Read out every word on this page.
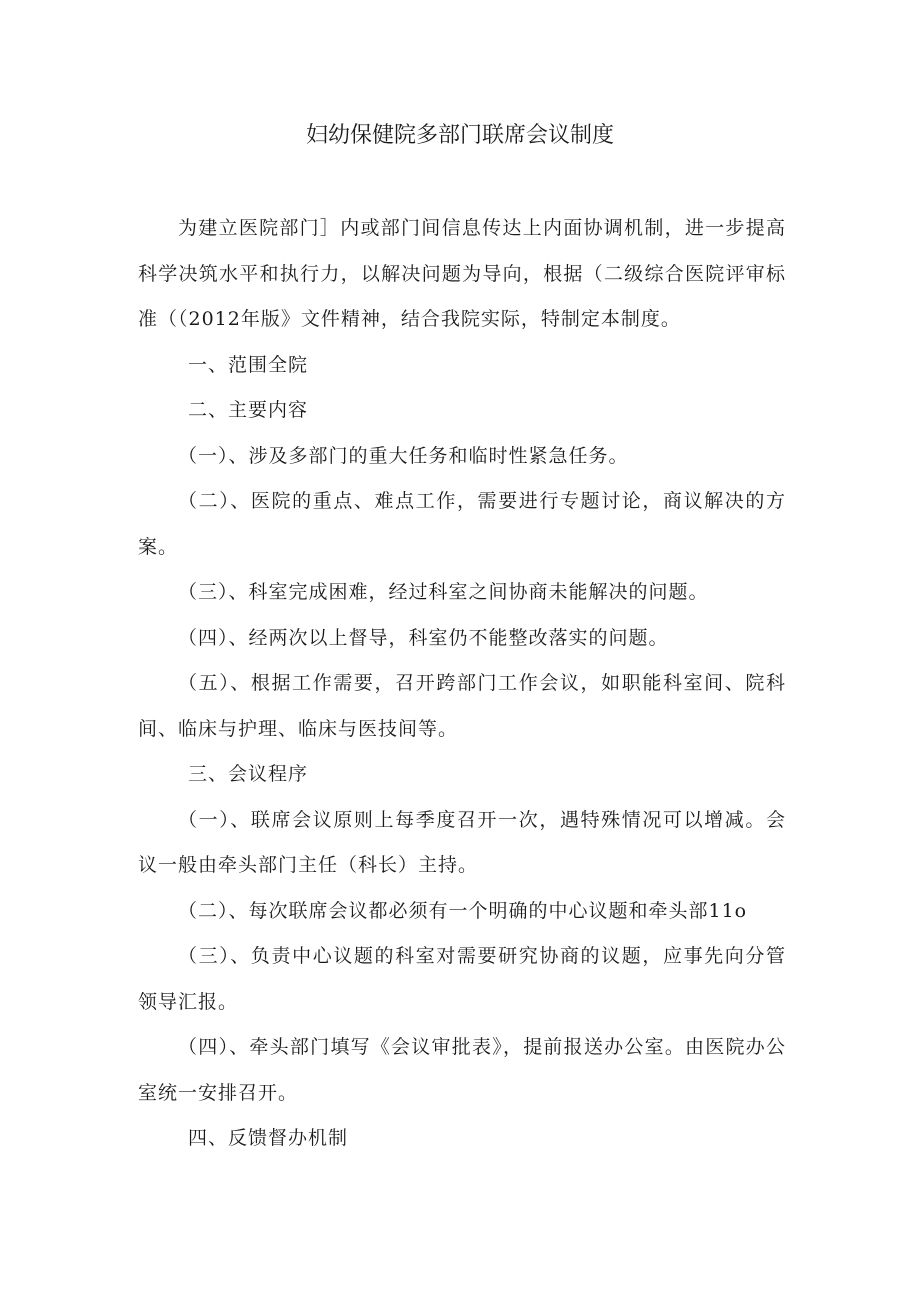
妇幼保健院多部门联席会议制度

为建立医院部门］内或部门间信息传达上内面协调机制，进一步提高科学决筑水平和执行力，以解决问题为导向，根据（二级综合医院评审标准（（2012年版》文件精神，结合我院实际，特制定本制度。

一、范围全院

二、主要内容

（一）、涉及多部门的重大任务和临时性紧急任务。

（二）、医院的重点、难点工作，需要进行专题讨论，商议解决的方案。

（三）、科室完成困难，经过科室之间协商未能解决的问题。

（四）、经两次以上督导，科室仍不能整改落实的问题。

（五）、根据工作需要，召开跨部门工作会议，如职能科室间、院科间、临床与护理、临床与医技间等。

三、会议程序

（一）、联席会议原则上每季度召开一次，遇特殊情况可以增减。会议一般由牵头部门主任（科长）主持。

（二）、每次联席会议都必须有一个明确的中心议题和牵头部11o

（三）、负责中心议题的科室对需要研究协商的议题，应事先向分管领导汇报。

（四）、牵头部门填写《会议审批表》，提前报送办公室。由医院办公室统一安排召开。

四、反馈督办机制
